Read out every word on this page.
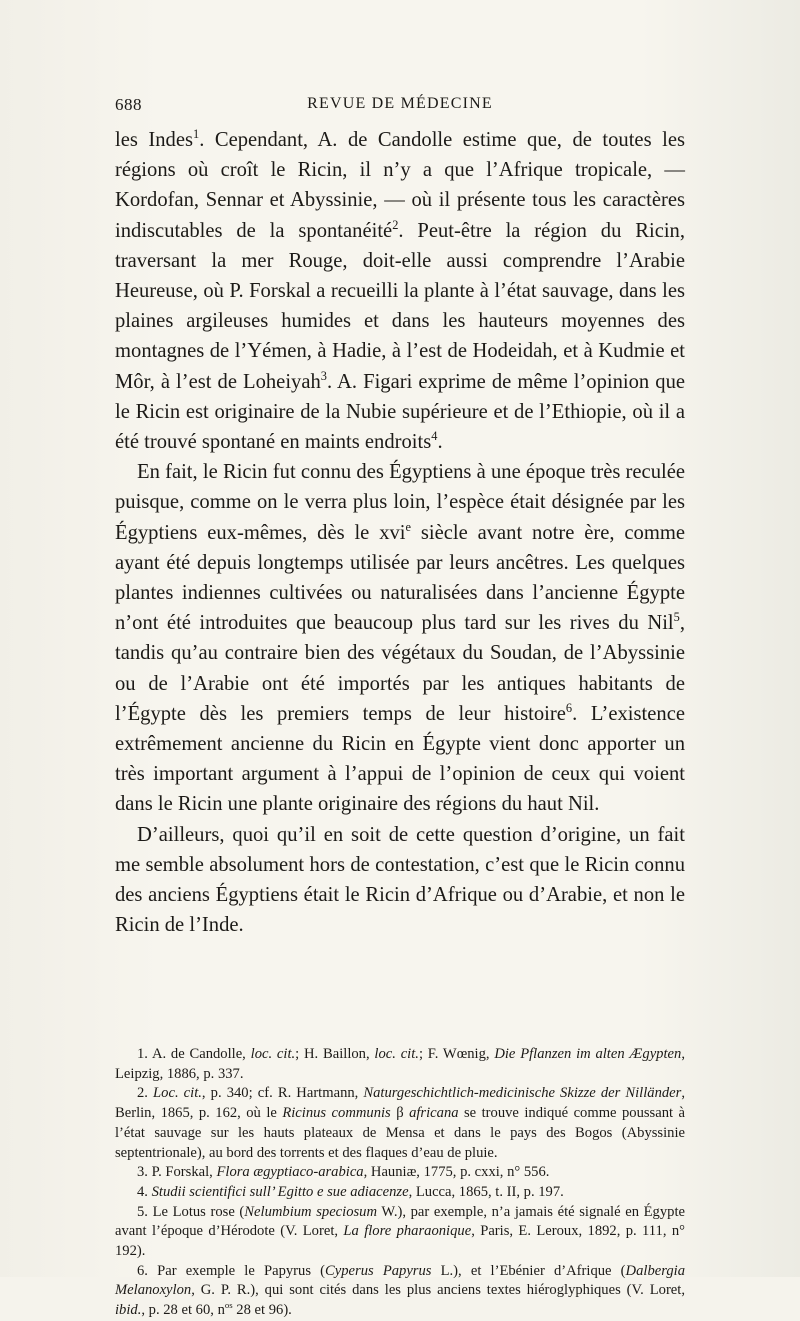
688	REVUE DE MÉDECINE

les Indes$^1$. Cependant, A. de Candolle estime que, de toutes les régions où croît le Ricin, il n’y a que l’Afrique tropicale, — Kordofan, Sennar et Abyssinie, — où il présente tous les caractères indiscutables de la spontanéité$^2$. Peut-être la région du Ricin, traversant la mer Rouge, doit-elle aussi comprendre l’Arabie Heureuse, où P. Forskal a recueilli la plante à l’état sauvage, dans les plaines argileuses humides et dans les hauteurs moyennes des montagnes de l’Yémen, à Hadie, à l’est de Hodeidah, et à Kudmie et Môr, à l’est de Loheiyah$^3$. A. Figari exprime de même l’opinion que le Ricin est originaire de la Nubie supérieure et de l’Ethiopie, où il a été trouvé spontané en maints endroits$^4$.

En fait, le Ricin fut connu des Égyptiens à une époque très reculée puisque, comme on le verra plus loin, l’espèce était désignée par les Égyptiens eux-mêmes, dès le xvi$^e$ siècle avant notre ère, comme ayant été depuis longtemps utilisée par leurs ancêtres. Les quelques plantes indiennes cultivées ou naturalisées dans l’ancienne Égypte n’ont été introduites que beaucoup plus tard sur les rives du Nil$^5$, tandis qu’au contraire bien des végétaux du Soudan, de l’Abyssinie ou de l’Arabie ont été importés par les antiques habitants de l’Égypte dès les premiers temps de leur histoire$^6$. L’existence extrêmement ancienne du Ricin en Égypte vient donc apporter un très important argument à l’appui de l’opinion de ceux qui voient dans le Ricin une plante originaire des régions du haut Nil.

D’ailleurs, quoi qu’il en soit de cette question d’origine, un fait me semble absolument hors de contestation, c’est que le Ricin connu des anciens Égyptiens était le Ricin d’Afrique ou d’Arabie, et non le Ricin de l’Inde.

1. A. de Candolle, loc. cit.; H. Baillon, loc. cit.; F. Wœnig, Die Pflanzen im alten Ægypten, Leipzig, 1886, p. 337.

2. Loc. cit., p. 340; cf. R. Hartmann, Naturgeschichtlich-medicinische Skizze der Nilländer, Berlin, 1865, p. 162, où le Ricinus communis β africana se trouve indiqué comme poussant à l’état sauvage sur les hauts plateaux de Mensa et dans le pays des Bogos (Abyssinie septentrionale), au bord des torrents et des flaques d’eau de pluie.

3. P. Forskal, Flora ægyptiaco-arabica, Hauniæ, 1775, p. cxxi, n° 556.

4. Studii scientifici sull’ Egitto e sue adiacenze, Lucca, 1865, t. II, p. 197.

5. Le Lotus rose (Nelumbium speciosum W.), par exemple, n’a jamais été signalé en Égypte avant l’époque d’Hérodote (V. Loret, La flore pharaonique, Paris, E. Leroux, 1892, p. 111, n° 192).

6. Par exemple le Papyrus (Cyperus Papyrus L.), et l’Ebénier d’Afrique (Dalbergia Melanoxylon, G. P. R.), qui sont cités dans les plus anciens textes hiéroglyphiques (V. Loret, ibid., p. 28 et 60, $n^{os}$ 28 et 96).
